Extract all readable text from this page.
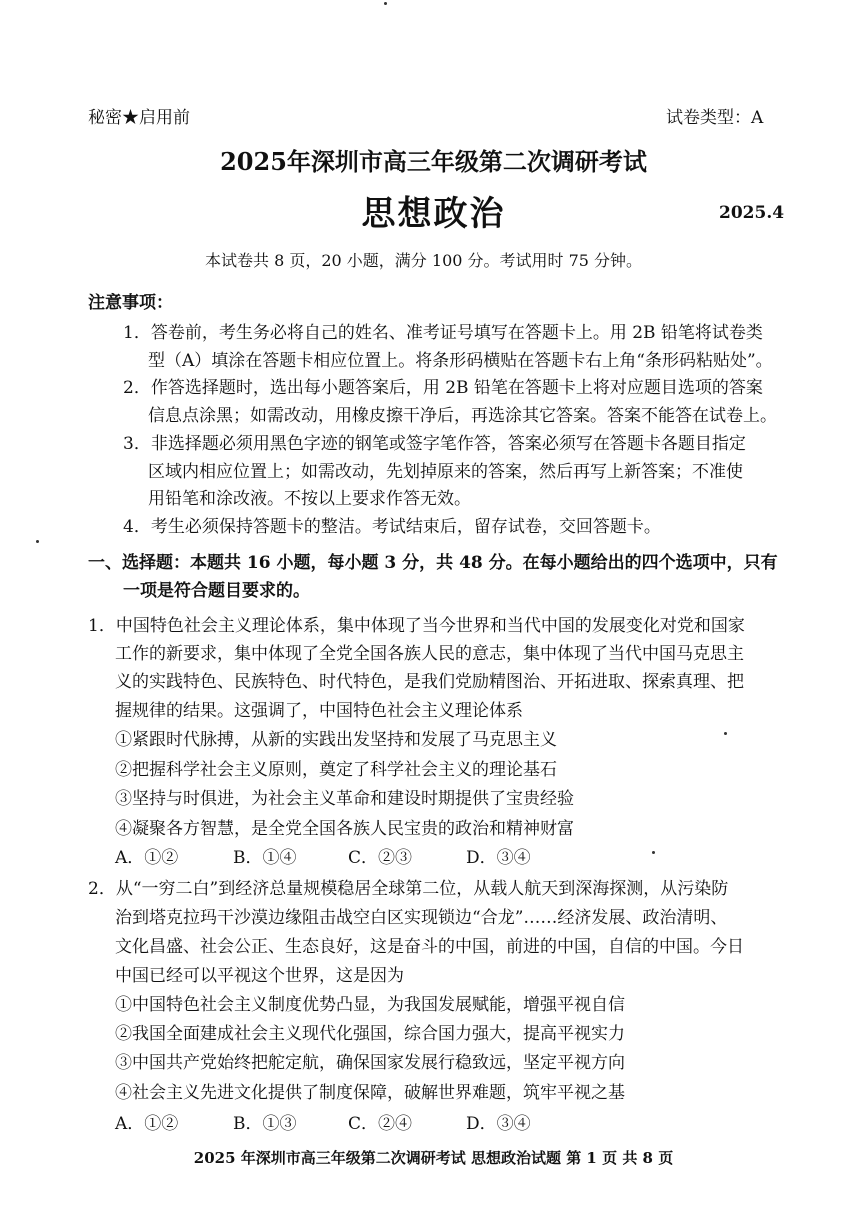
秘密★启用前	试卷类型：A
2025年深圳市高三年级第二次调研考试
思想政治	2025.4
本试卷共 8 页，20 小题，满分 100 分。考试用时 75 分钟。
注意事项：
1．答卷前，考生务必将自己的姓名、准考证号填写在答题卡上。用 2B 铅笔将试卷类
型（A）填涂在答题卡相应位置上。将条形码横贴在答题卡右上角“条形码粘贴处”。
2．作答选择题时，选出每小题答案后，用 2B 铅笔在答题卡上将对应题目选项的答案
信息点涂黑；如需改动，用橡皮擦干净后，再选涂其它答案。答案不能答在试卷上。
3．非选择题必须用黑色字迹的钢笔或签字笔作答，答案必须写在答题卡各题目指定
区域内相应位置上；如需改动，先划掉原来的答案，然后再写上新答案；不准使
用铅笔和涂改液。不按以上要求作答无效。
4．考生必须保持答题卡的整洁。考试结束后，留存试卷，交回答题卡。
一、选择题：本题共 16 小题，每小题 3 分，共 48 分。在每小题给出的四个选项中，只有
一项是符合题目要求的。
1．中国特色社会主义理论体系，集中体现了当今世界和当代中国的发展变化对党和国家
工作的新要求，集中体现了全党全国各族人民的意志，集中体现了当代中国马克思主
义的实践特色、民族特色、时代特色，是我们党励精图治、开拓进取、探索真理、把
握规律的结果。这强调了，中国特色社会主义理论体系
①紧跟时代脉搏，从新的实践出发坚持和发展了马克思主义
②把握科学社会主义原则，奠定了科学社会主义的理论基石
③坚持与时俱进，为社会主义革命和建设时期提供了宝贵经验
④凝聚各方智慧，是全党全国各族人民宝贵的政治和精神财富
A．①②	B．①④	C．②③	D．③④
2．从“一穷二白”到经济总量规模稳居全球第二位，从载人航天到深海探测，从污染防
治到塔克拉玛干沙漠边缘阻击战空白区实现锁边“合龙”……经济发展、政治清明、
文化昌盛、社会公正、生态良好，这是奋斗的中国，前进的中国，自信的中国。今日
中国已经可以平视这个世界，这是因为
①中国特色社会主义制度优势凸显，为我国发展赋能，增强平视自信
②我国全面建成社会主义现代化强国，综合国力强大，提高平视实力
③中国共产党始终把舵定航，确保国家发展行稳致远，坚定平视方向
④社会主义先进文化提供了制度保障，破解世界难题，筑牢平视之基
A．①②	B．①③	C．②④	D．③④
2025 年深圳市高三年级第二次调研考试 思想政治试题 第 1 页 共 8 页
